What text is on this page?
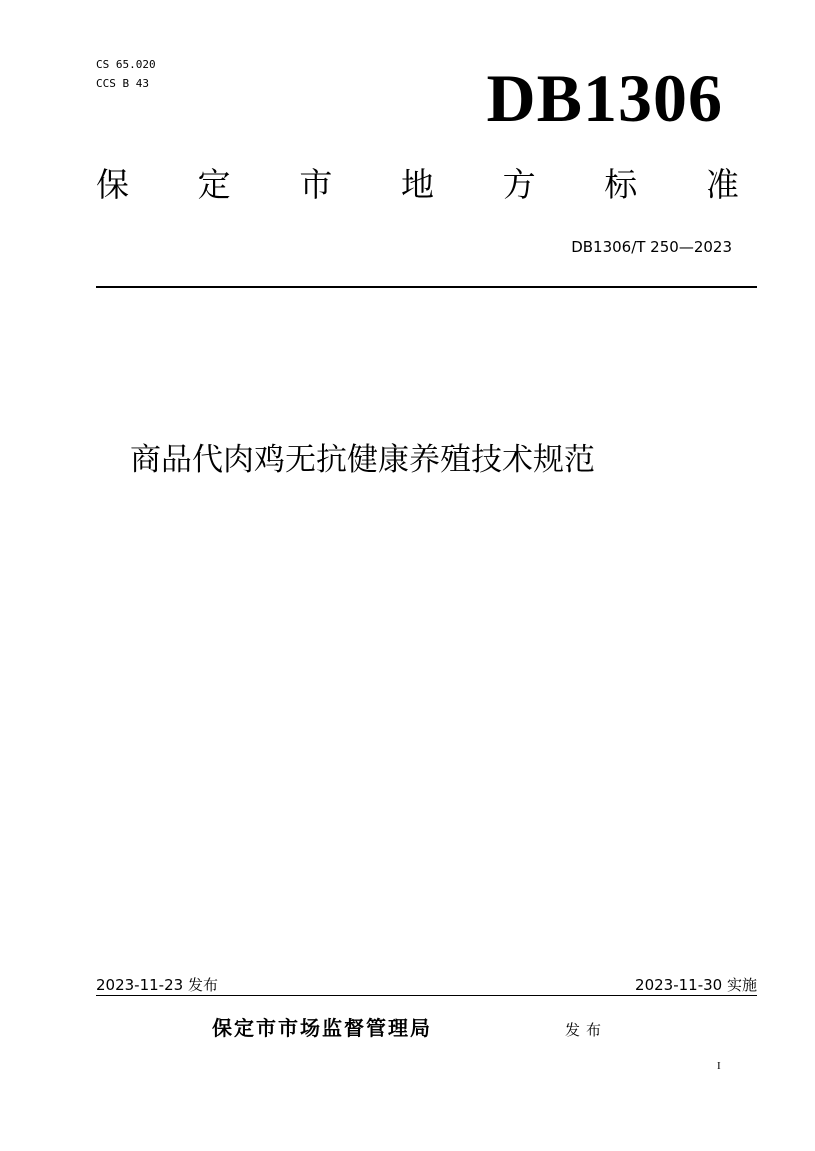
CS 65.020
CCS B 43	DB1306
保 定 市 地 方 标 准
DB1306/T 250—2023
商品代肉鸡无抗健康养殖技术规范
2023-11-23 发布	2023-11-30 实施
保定市市场监督管理局	发布
I
